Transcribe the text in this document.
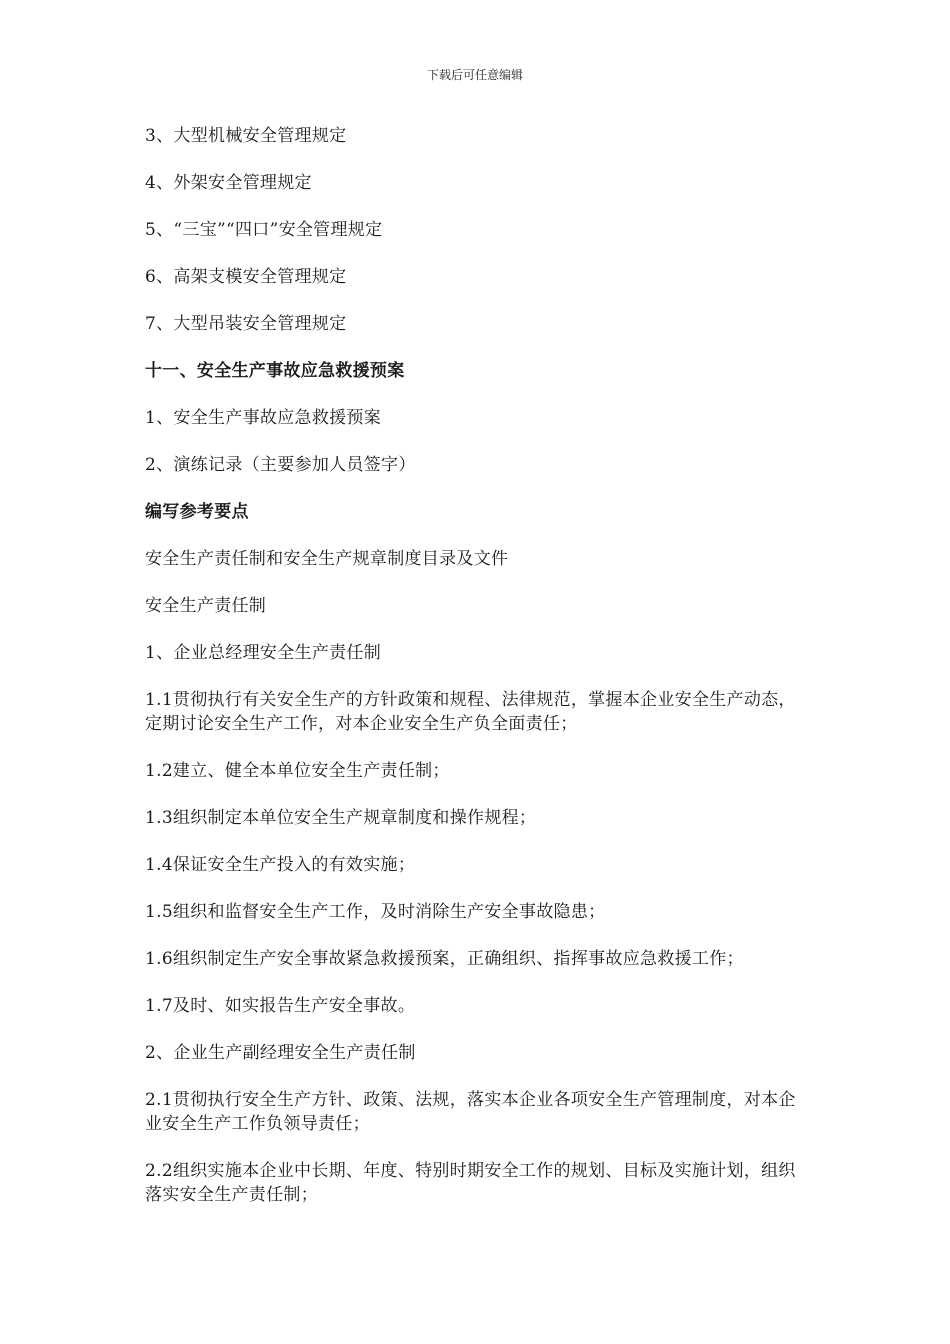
下载后可任意编辑

3、大型机械安全管理规定

4、外架安全管理规定

5、“三宝”“四口”安全管理规定

6、高架支模安全管理规定

7、大型吊装安全管理规定

十一、安全生产事故应急救援预案

1、安全生产事故应急救援预案

2、演练记录（主要参加人员签字）

编写参考要点

安全生产责任制和安全生产规章制度目录及文件

安全生产责任制

1、企业总经理安全生产责任制

1.1贯彻执行有关安全生产的方针政策和规程、法律规范，掌握本企业安全生产动态，定期讨论安全生产工作，对本企业安全生产负全面责任；

1.2建立、健全本单位安全生产责任制；

1.3组织制定本单位安全生产规章制度和操作规程；

1.4保证安全生产投入的有效实施；

1.5组织和监督安全生产工作，及时消除生产安全事故隐患；

1.6组织制定生产安全事故紧急救援预案，正确组织、指挥事故应急救援工作；

1.7及时、如实报告生产安全事故。

2、企业生产副经理安全生产责任制

2.1贯彻执行安全生产方针、政策、法规，落实本企业各项安全生产管理制度，对本企业安全生产工作负领导责任；

2.2组织实施本企业中长期、年度、特别时期安全工作的规划、目标及实施计划，组织落实安全生产责任制；
